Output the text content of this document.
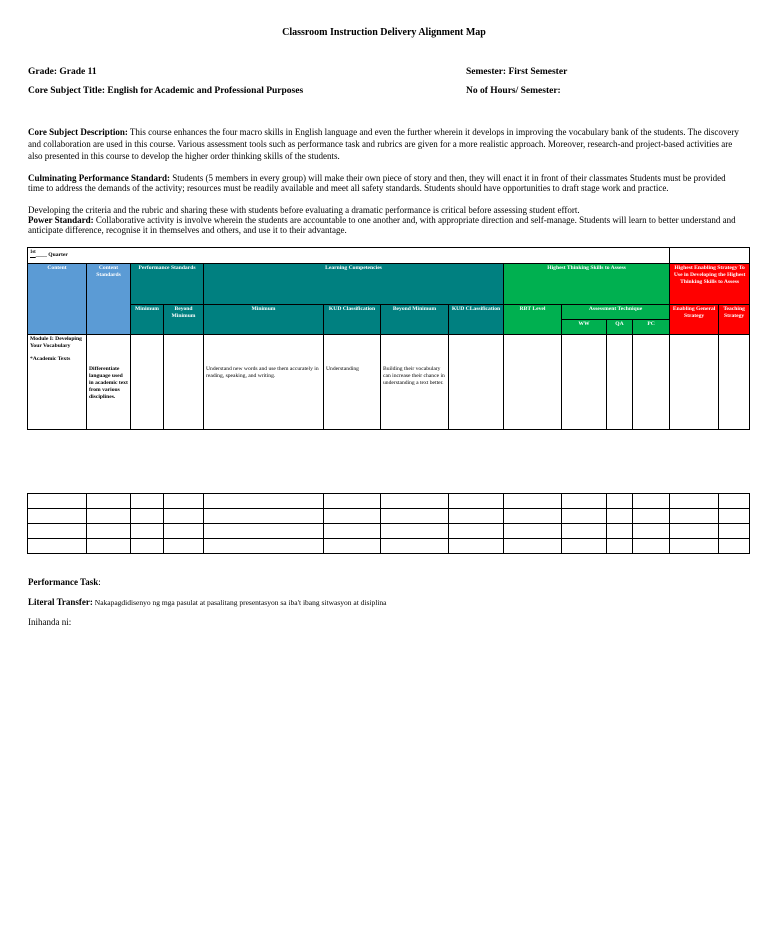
Classroom Instruction Delivery Alignment Map
Grade: Grade 11	Semester: First Semester
Core Subject Title: English for Academic and Professional Purposes	No of Hours/ Semester:
Core Subject Description: This course enhances the four macro skills in English language and even the further wherein it develops in improving the vocabulary bank of the students. The discovery and collaboration are used in this course. Various assessment tools such as performance task and rubrics are given for a more realistic approach. Moreover, research-and project-based activities are also presented in this course to develop the higher order thinking skills of the students.
Culminating Performance Standard: Students (5 members in every group) will make their own piece of story and then, they will enact it in front of their classmates Students must be provided time to address the demands of the activity; resources must be readily available and meet all safety standards. Students should have opportunities to draft stage work and practice.
Developing the criteria and the rubric and sharing these with students before evaluating a dramatic performance is critical before assessing student effort.
Power Standard: Collaborative activity is involve wherein the students are accountable to one another and, with appropriate direction and self-manage. Students will learn to better understand and anticipate difference, recognise it in themselves and others, and use it to their advantage.
$^{1st}$____ Quarter													
Content	Content Standards	Performance Standards		Learning Competencies				Highest Thinking Skills to Assess				Highest Enabling Strategy To Use in Developing the Highest Thinking Skills to Assess	
		Minimum	Beyond Minimum	Minimum	KUD Classification	Beyond Minimum	KUD CLassification	RBT Level	Assessment Technique			Enabling General Strategy	Teaching Strategy
									WW	QA	PC		

Module I: Developing Your Vocabulary
*Academic Texts	Differentiate language used in academic text from various disciplines.			Understand new words and use them accurately in reading, speaking, and writing.	Understanding	Building their vocabulary can increase their chance in understanding a text better.							

Performance Task:
Literal Transfer: Nakapagdidisenyo ng mga pasulat at pasalitang presentasyon sa iba't ibang sitwasyon at disiplina
Inihanda ni:
